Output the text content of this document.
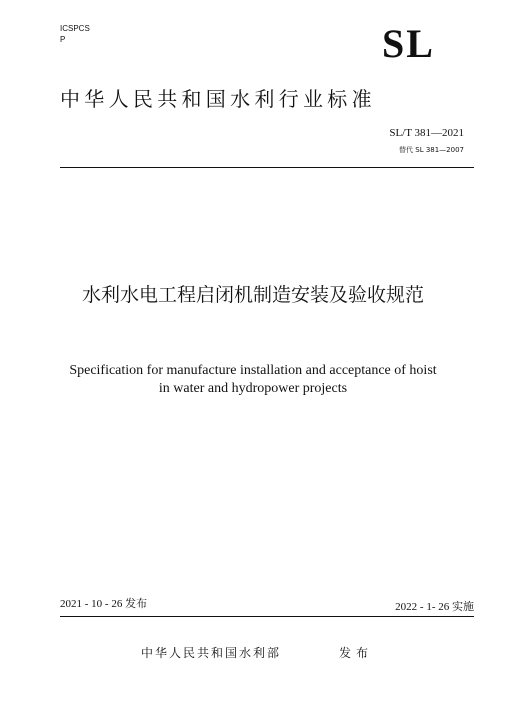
ICSPCS
P	SL
中华人民共和国水利行业标准
SL/T 381—2021
替代 SL 381—2007
水利水电工程启闭机制造安装及验收规范
Specification for manufacture installation and acceptance of hoist
in water and hydropower projects
2021 - 10 - 26 发布	2022 - 1- 26 实施
中华人民共和国水利部	发布
